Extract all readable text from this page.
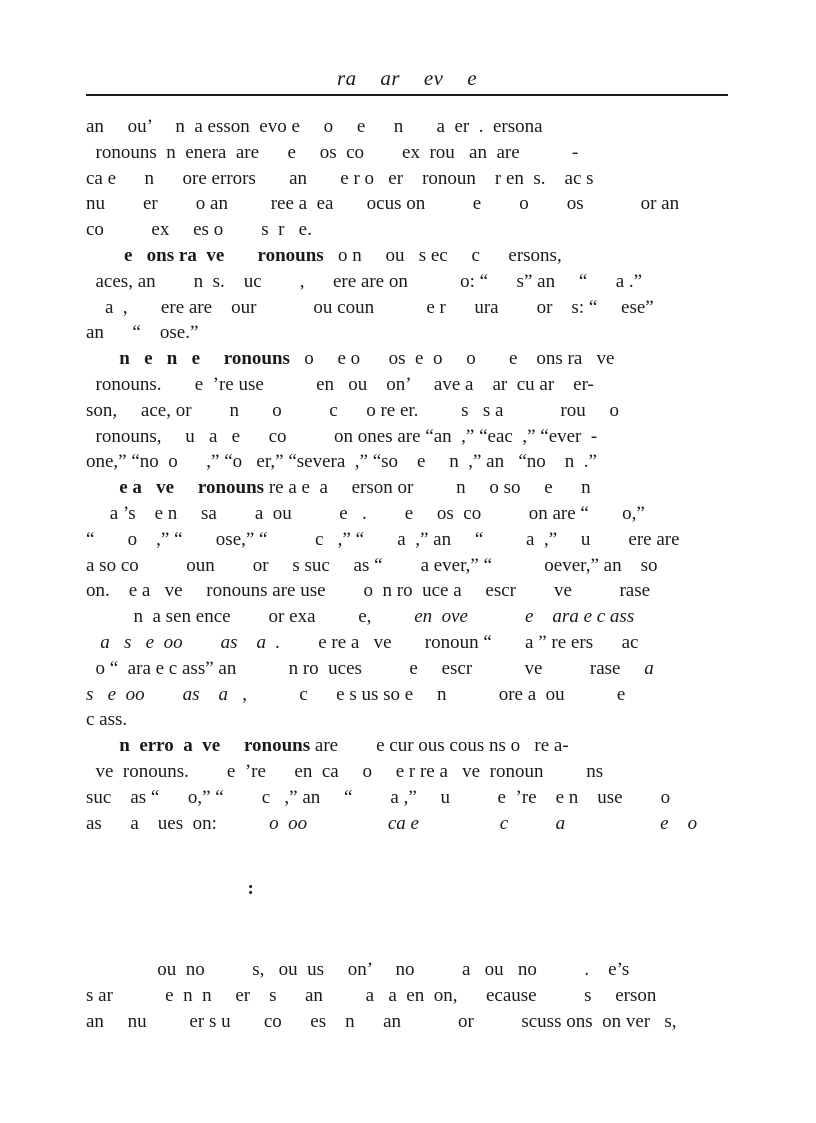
ra ar ev e

an     ou’     n  a esson  evo e     o     e      n       a  er  .  ersona
ronouns  n  enera  are      e     os  co        ex  rou   an  are           -
ca e      n      ore errors       an       e r o   er    ronoun    r en  s.    ac s
nu        er        o an         ree a  ea       ocus on          e        o        os            or an
co          ex     es o        s  r   e.

e   ons ra  ve       ronouns   o n     ou   s ec     c      ersons,
aces, an        n  s.    uc        ,      ere are on           o: “      s” an     “      a .”
a  ,       ere are    our            ou coun           e r      ura        or    s: “     ese”
an      “    ose.”

n   e   n   e     ronouns   o     e o      os  e  o     o       e    ons ra   ve
ronouns.       e  ’re use           en   ou    on’     ave a    ar  cu ar    er-
son,     ace, or        n       o          c      o re er.         s   s a            rou     o
ronouns,     u   a   e      co          on ones are “an  ,” “eac  ,” “ever  -
one,” “no  o      ,” “o   er,” “severa  ,” “so    e     n  ,” an   “no    n  .”

e a   ve     ronouns re a e  a     erson or         n     o so     e      n
a ’s    e n     sa        a  ou          e   .        e     os  co          on are “       o,”
“       o    ,” “       ose,” “          c   ,” “       a  ,” an     “         a  ,”     u        ere are
a so co          oun        or     s suc     as “        a ever,” “           oever,” an    so
on.    e a   ve     ronouns are use        o  n ro  uce a     escr        ve          rase

n  a sen ence        or exa         e,         en  ove            e    ara e c ass
a   s   e  oo        as    a  .        e re a   ve       ronoun “       a ” re ers      ac
o “  ara e c ass” an           n ro  uces          e     escr           ve          rase     a
s   e  oo        as    a   ,           c      e s us so e     n           ore a  ou           e
c ass.

n  erro  a  ve     ronouns are        e cur ous cous ns o   re a-
ve  ronouns.        e  ’re      en  ca     o     e r re a   ve  ronoun         ns
suc    as “      o,” “        c   ,” an     “        a ,”     u          e  ’re    e n    use        o
as      a    ues  on:           o  oo                 ca e                 c          a                    e    o

:

ou  no          s,   ou  us     on’     no          a   ou   no          .    e’s
s ar           e  n  n     er    s      an         a   a  en  on,      ecause          s     erson
an     nu         er s u       co      es    n      an            or          scuss ons  on ver   s,
